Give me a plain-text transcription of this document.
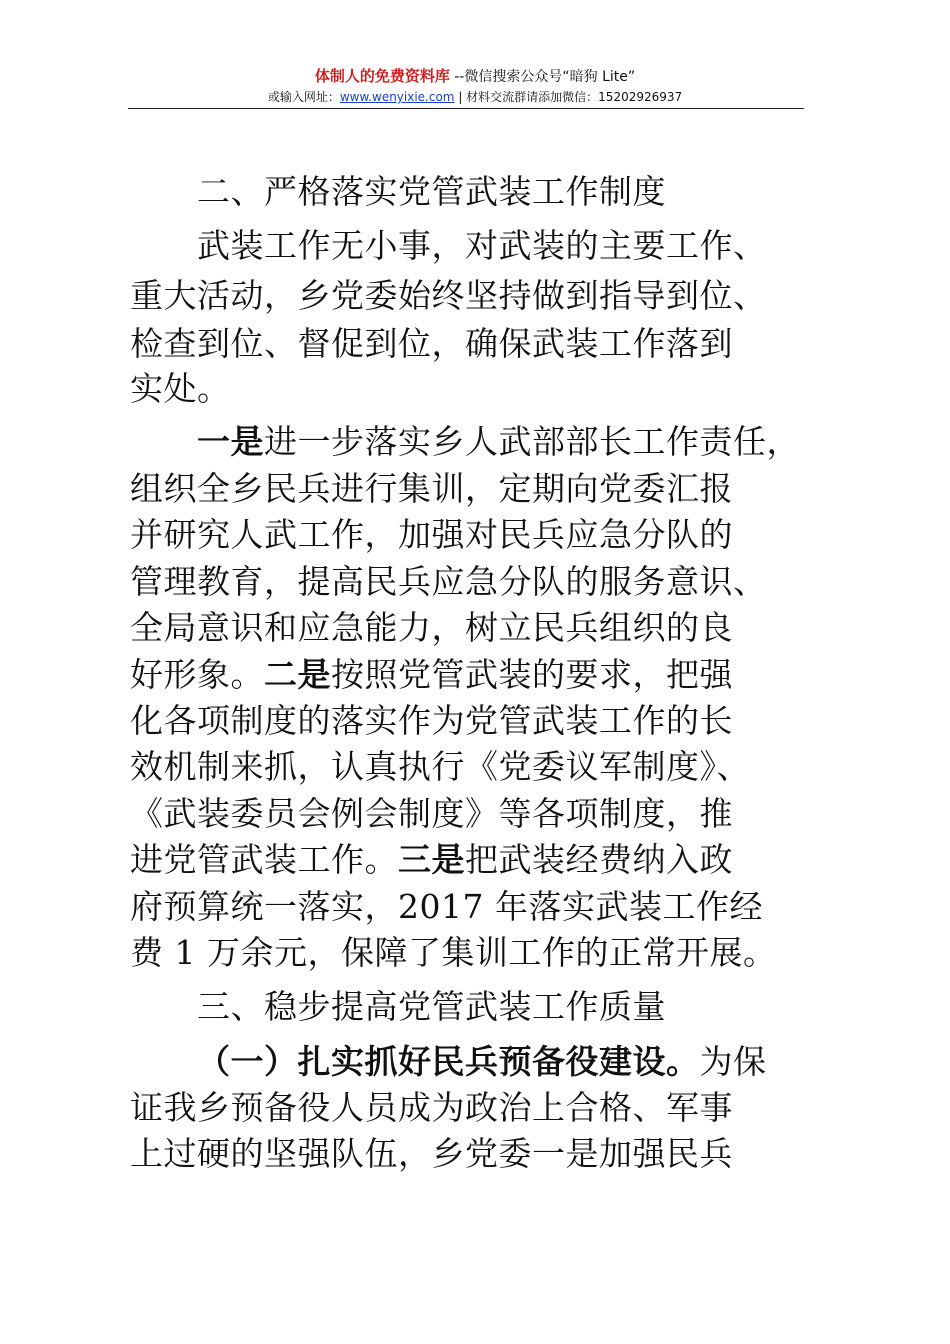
体制人的免费资料库 --微信搜索公众号“暗狗 Lite”
或输入网址：www.wenyixie.com | 材料交流群请添加微信：15202926937
二、严格落实党管武装工作制度
武装工作无小事，对武装的主要工作、
重大活动，乡党委始终坚持做到指导到位、
检查到位、督促到位，确保武装工作落到
实处。
一是进一步落实乡人武部部长工作责任，
组织全乡民兵进行集训，定期向党委汇报
并研究人武工作，加强对民兵应急分队的
管理教育，提高民兵应急分队的服务意识、
全局意识和应急能力，树立民兵组织的良
好形象。二是按照党管武装的要求，把强
化各项制度的落实作为党管武装工作的长
效机制来抓，认真执行《党委议军制度》、
《武装委员会例会制度》等各项制度，推
进党管武装工作。三是把武装经费纳入政
府预算统一落实，2017 年落实武装工作经
费 1 万余元，保障了集训工作的正常开展。
三、稳步提高党管武装工作质量
（一）扎实抓好民兵预备役建设。为保
证我乡预备役人员成为政治上合格、军事
上过硬的坚强队伍，乡党委一是加强民兵
